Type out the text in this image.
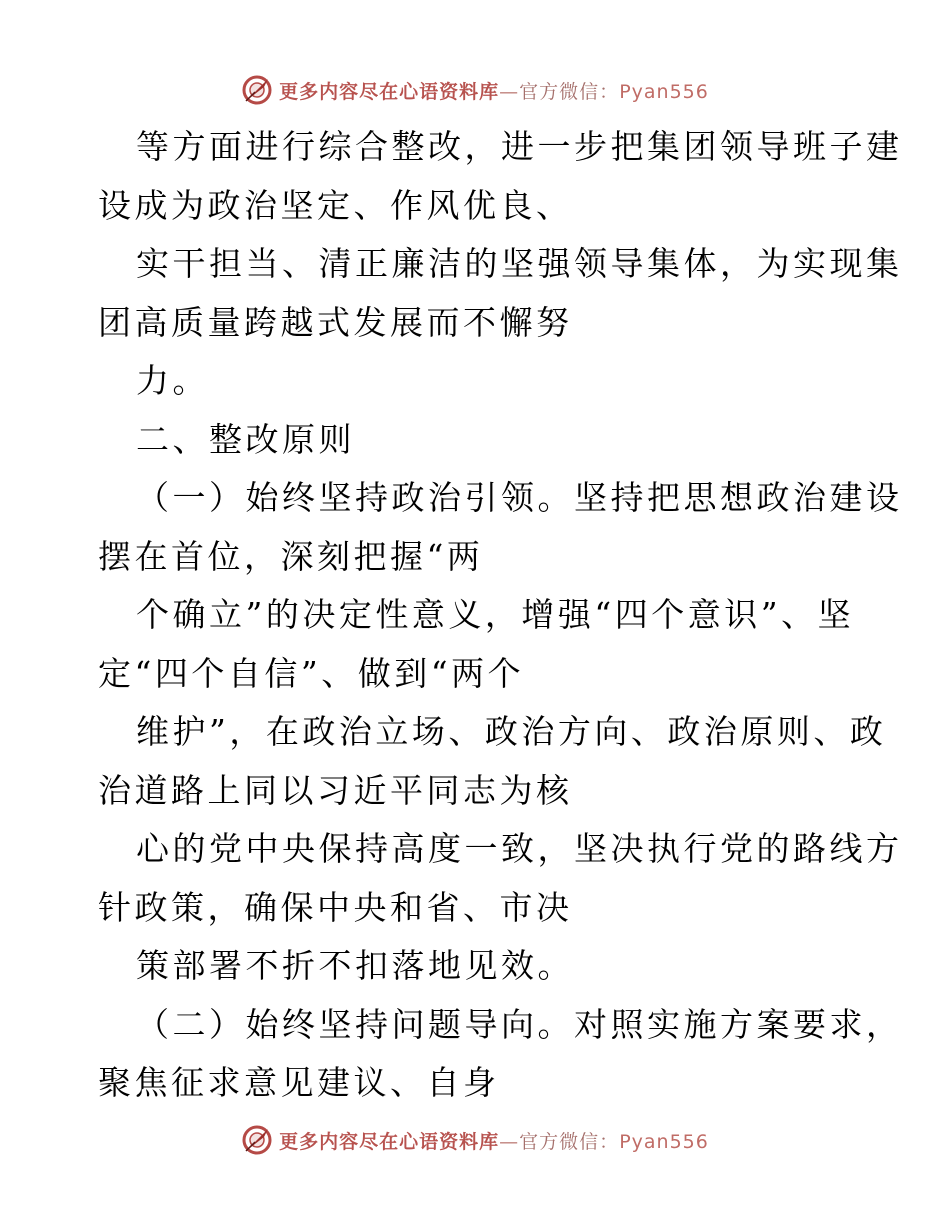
更多内容尽在心语资料库—官方微信：Pyan556
等方面进行综合整改，进一步把集团领导班子建
设成为政治坚定、作风优良、
实干担当、清正廉洁的坚强领导集体，为实现集
团高质量跨越式发展而不懈努
力。
二、整改原则
（一）始终坚持政治引领。坚持把思想政治建设
摆在首位，深刻把握“两
个确立”的决定性意义，增强“四个意识”、坚
定“四个自信”、做到“两个
维护”，在政治立场、政治方向、政治原则、政
治道路上同以习近平同志为核
心的党中央保持高度一致，坚决执行党的路线方
针政策，确保中央和省、市决
策部署不折不扣落地见效。
（二）始终坚持问题导向。对照实施方案要求，
聚焦征求意见建议、自身
更多内容尽在心语资料库—官方微信：Pyan556
